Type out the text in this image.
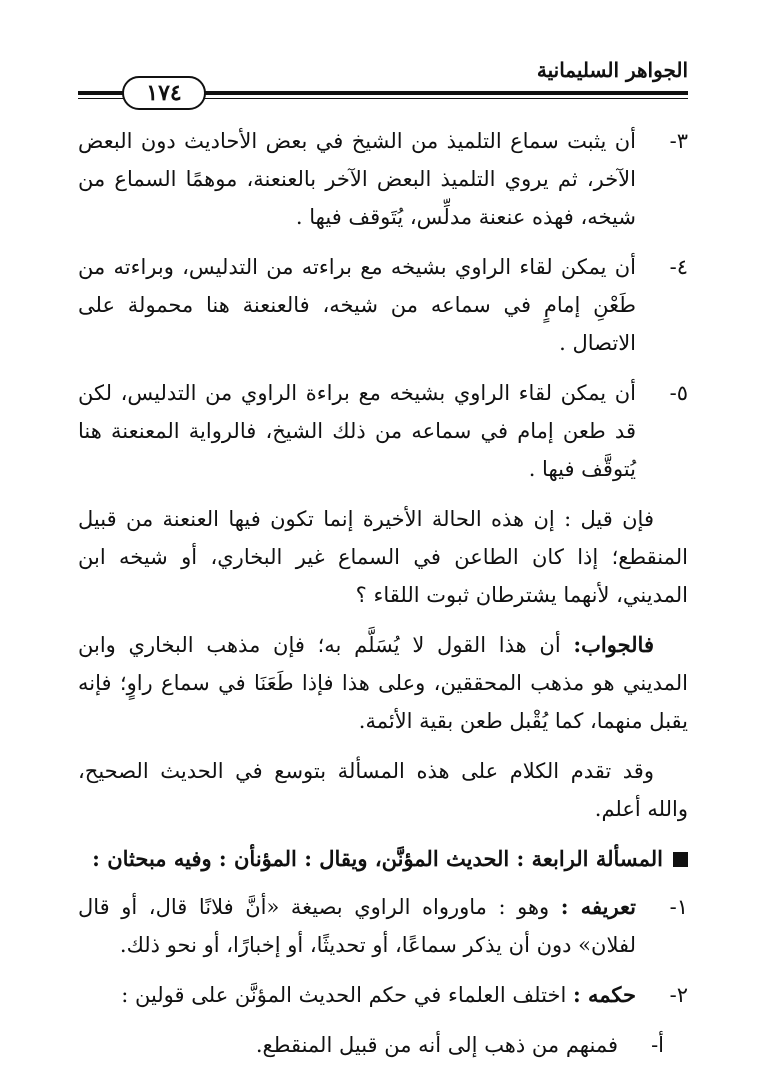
الجواهر السليمانية
١٧٤
٣-
أن يثبت سماع التلميذ من الشيخ في بعض الأحاديث دون البعض الآخر، ثم يروي التلميذ البعض الآخر بالعنعنة، موهمًا السماع من شيخه، فهذه عنعنة مدلِّس، يُتَوقف فيها .
٤-
أن يمكن لقاء الراوي بشيخه مع براءته من التدليس، وبراءته من طَعْنِ إمامٍ في سماعه من شيخه، فالعنعنة هنا محمولة على الاتصال .
٥-
أن يمكن لقاء الراوي بشيخه مع براءة الراوي من التدليس، لكن قد طعن إمام في سماعه من ذلك الشيخ، فالرواية المعنعنة هنا يُتوقَّف فيها .

فإن قيل : إن هذه الحالة الأخيرة إنما تكون فيها العنعنة من قبيل المنقطع؛ إذا كان الطاعن في السماع غير البخاري، أو شيخه ابن المديني، لأنهما يشترطان ثبوت اللقاء ؟

فالجواب: أن هذا القول لا يُسَلَّم به؛ فإن مذهب البخاري وابن المديني هو مذهب المحققين، وعلى هذا فإذا طَعَنَا في سماع راوٍ؛ فإنه يقبل منهما، كما يُقْبل طعن بقية الأئمة.

وقد تقدم الكلام على هذه المسألة بتوسع في الحديث الصحيح، والله أعلم.

المسألة الرابعة : الحديث المؤنَّن، ويقال : المؤنأن : وفيه مبحثان :
١-
تعريفه : وهو : ماورواه الراوي بصيغة «أنَّ فلانًا قال، أو قال لفلان» دون أن يذكر سماعًا، أو تحديثًا، أو إخبارًا، أو نحو ذلك.
٢-
حكمه : اختلف العلماء في حكم الحديث المؤنَّن على قولين :
أ-
فمنهم من ذهب إلى أنه من قبيل المنقطع.
